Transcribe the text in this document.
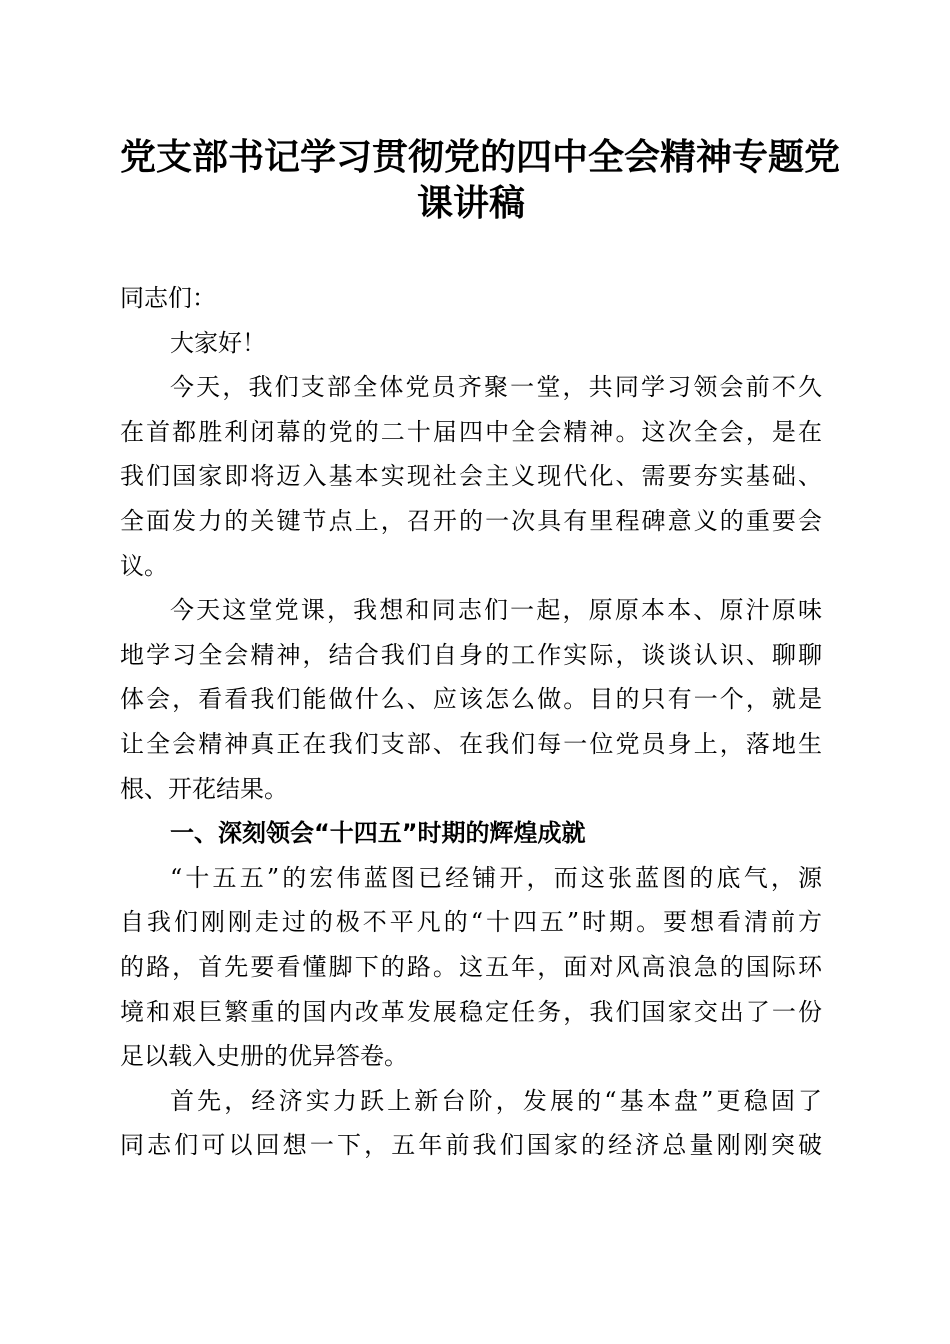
党支部书记学习贯彻党的四中全会精神专题党
课讲稿
同志们：
大家好！
今天，我们支部全体党员齐聚一堂，共同学习领会前不久
在首都胜利闭幕的党的二十届四中全会精神。这次全会，是在
我们国家即将迈入基本实现社会主义现代化、需要夯实基础、
全面发力的关键节点上，召开的一次具有里程碑意义的重要会
议。
今天这堂党课，我想和同志们一起，原原本本、原汁原味
地学习全会精神，结合我们自身的工作实际，谈谈认识、聊聊
体会，看看我们能做什么、应该怎么做。目的只有一个，就是
让全会精神真正在我们支部、在我们每一位党员身上，落地生
根、开花结果。
一、深刻领会“十四五”时期的辉煌成就
“十五五”的宏伟蓝图已经铺开，而这张蓝图的底气，源
自我们刚刚走过的极不平凡的“十四五”时期。要想看清前方
的路，首先要看懂脚下的路。这五年，面对风高浪急的国际环
境和艰巨繁重的国内改革发展稳定任务，我们国家交出了一份
足以载入史册的优异答卷。
首先，经济实力跃上新台阶，发展的“基本盘”更稳固了
同志们可以回想一下，五年前我们国家的经济总量刚刚突破
